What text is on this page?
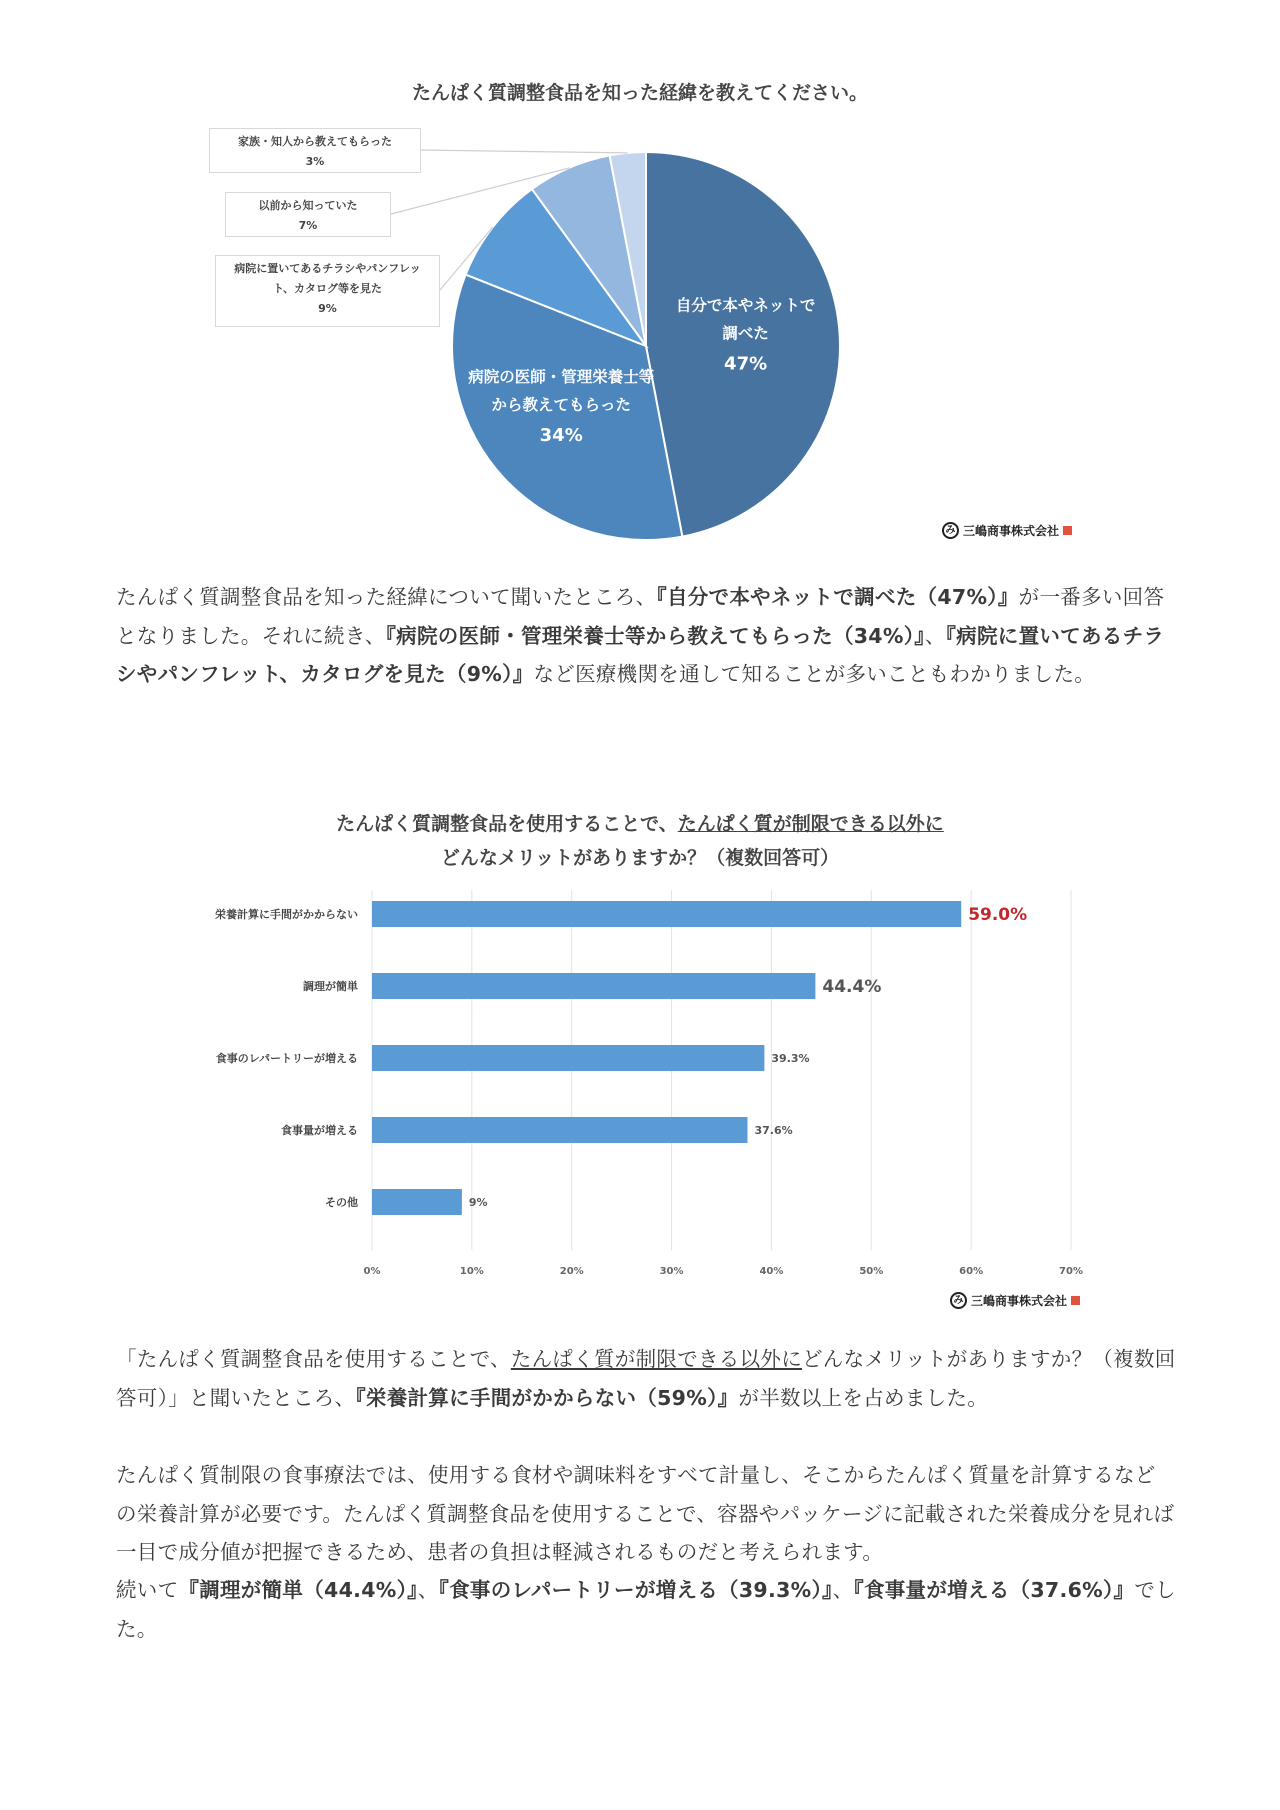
たんぱく質調整食品を知った経緯を教えてください。
自分で本やネットで
調べた
47%
病院の医師・管理栄養士等
から教えてもらった
34%
家族・知人から教えてもらった
3%
以前から知っていた
7%
病院に置いてあるチラシやパンフレッ
ト、カタログ等を見た
9%
み 三嶋商事株式会社

たんぱく質調整食品を知った経緯について聞いたところ、『自分で本やネットで調べた（47%）』が一番多い回答となりました。それに続き、『病院の医師・管理栄養士等から教えてもらった（34%）』、『病院に置いてあるチラシやパンフレット、カタログを見た（9%）』など医療機関を通して知ることが多いこともわかりました。

たんぱく質調整食品を使用することで、たんぱく質が制限できる以外に
どんなメリットがありますか？（複数回答可）
栄養計算に手間がかからない
調理が簡単
食事のレパートリーが増える
食事量が増える
その他
59.0%
44.4%
39.3%
37.6%
9%
0%	10%	20%	30%	40%	50%	60%	70%
み 三嶋商事株式会社

「たんぱく質調整食品を使用することで、たんぱく質が制限できる以外にどんなメリットがありますか？（複数回答可）」と聞いたところ、『栄養計算に手間がかからない（59%）』が半数以上を占めました。

たんぱく質制限の食事療法では、使用する食材や調味料をすべて計量し、そこからたんぱく質量を計算するなどの栄養計算が必要です。たんぱく質調整食品を使用することで、容器やパッケージに記載された栄養成分を見れば一目で成分値が把握できるため、患者の負担は軽減されるものだと考えられます。

続いて『調理が簡単（44.4%）』、『食事のレパートリーが増える（39.3%）』、『食事量が増える（37.6%）』でした。
